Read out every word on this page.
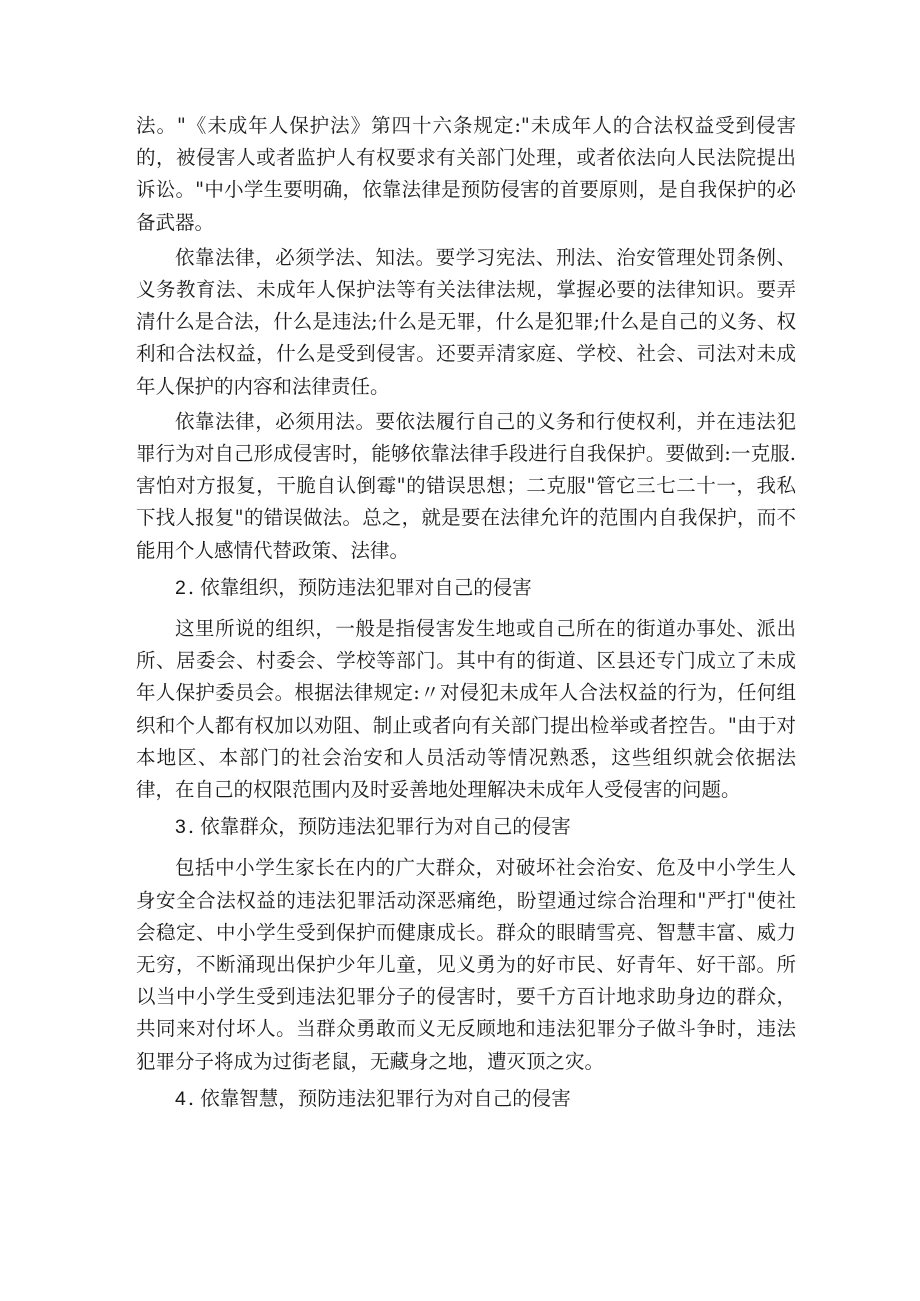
法。"《未成年人保护法》第四十六条规定:"未成年人的合法权益受到侵害的，被侵害人或者监护人有权要求有关部门处理，或者依法向人民法院提出诉讼。"中小学生要明确，依靠法律是预防侵害的首要原则，是自我保护的必备武器。

依靠法律，必须学法、知法。要学习宪法、刑法、治安管理处罚条例、义务教育法、未成年人保护法等有关法律法规，掌握必要的法律知识。要弄清什么是合法，什么是违法;什么是无罪，什么是犯罪;什么是自己的义务、权利和合法权益，什么是受到侵害。还要弄清家庭、学校、社会、司法对未成年人保护的内容和法律责任。

依靠法律，必须用法。要依法履行自己的义务和行使权利，并在违法犯罪行为对自己形成侵害时，能够依靠法律手段进行自我保护。要做到:一克服.害怕对方报复，干脆自认倒霉"的错误思想；二克服"管它三七二十一，我私下找人报复"的错误做法。总之，就是要在法律允许的范围内自我保护，而不能用个人感情代替政策、法律。

2 . 依靠组织，预防违法犯罪对自己的侵害

这里所说的组织，一般是指侵害发生地或自己所在的街道办事处、派出所、居委会、村委会、学校等部门。其中有的街道、区县还专门成立了未成年人保护委员会。根据法律规定:〃对侵犯未成年人合法权益的行为，任何组织和个人都有权加以劝阻、制止或者向有关部门提出检举或者控告。"由于对本地区、本部门的社会治安和人员活动等情况熟悉，这些组织就会依据法律，在自己的权限范围内及时妥善地处理解决未成年人受侵害的问题。

3 . 依靠群众，预防违法犯罪行为对自己的侵害

包括中小学生家长在内的广大群众，对破坏社会治安、危及中小学生人身安全合法权益的违法犯罪活动深恶痛绝，盼望通过综合治理和"严打"使社会稳定、中小学生受到保护而健康成长。群众的眼睛雪亮、智慧丰富、威力无穷，不断涌现出保护少年儿童，见义勇为的好市民、好青年、好干部。所以当中小学生受到违法犯罪分子的侵害时，要千方百计地求助身边的群众，共同来对付坏人。当群众勇敢而义无反顾地和违法犯罪分子做斗争时，违法犯罪分子将成为过街老鼠，无藏身之地，遭灭顶之灾。

4 . 依靠智慧，预防违法犯罪行为对自己的侵害
